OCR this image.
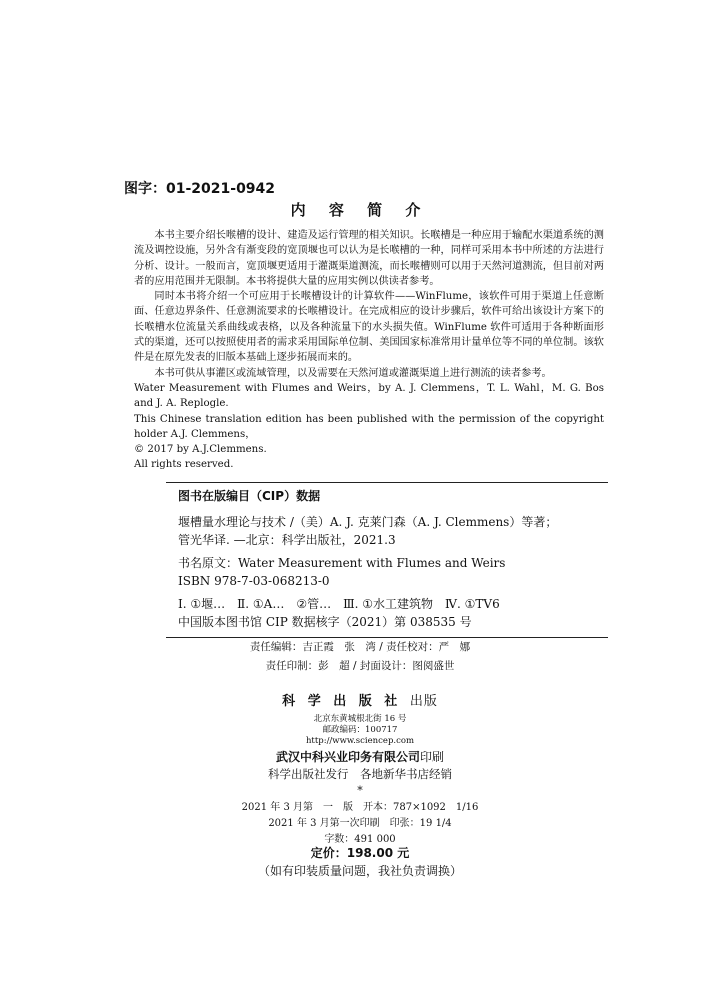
图字：01-2021-0942
内 容 简 介

本书主要介绍长喉槽的设计、建造及运行管理的相关知识。长喉槽是一种应用于输配水渠道系统的测流及调控设施，另外含有渐变段的宽顶堰也可以认为是长喉槽的一种，同样可采用本书中所述的方法进行分析、设计。一般而言，宽顶堰更适用于灌溉渠道测流，而长喉槽则可以用于天然河道测流，但目前对两者的应用范围并无限制。本书将提供大量的应用实例以供读者参考。

同时本书将介绍一个可应用于长喉槽设计的计算软件——WinFlume，该软件可用于渠道上任意断面、任意边界条件、任意测流要求的长喉槽设计。在完成相应的设计步骤后，软件可给出该设计方案下的长喉槽水位流量关系曲线或表格，以及各种流量下的水头损失值。WinFlume 软件可适用于各种断面形式的渠道，还可以按照使用者的需求采用国际单位制、美国国家标准常用计量单位等不同的单位制。该软件是在原先发表的旧版本基础上逐步拓展而来的。

本书可供从事灌区或流域管理，以及需要在天然河道或灌溉渠道上进行测流的读者参考。

Water Measurement with Flumes and Weirs，by A. J. Clemmens，T. L. Wahl，M. G. Bos and J. A. Replogle.
This Chinese translation edition has been published with the permission of the copyright holder A.J. Clemmens，
© 2017 by A.J.Clemmens.
All rights reserved.
图书在版编目（CIP）数据
堰槽量水理论与技术 /（美）A. J. 克莱门森（A. J. Clemmens）等著；
管光华译. —北京：科学出版社，2021.3
书名原文：Water Measurement with Flumes and Weirs
ISBN 978-7-03-068213-0
Ⅰ. ①堰…　Ⅱ. ①A…　②管…　Ⅲ. ①水工建筑物　Ⅳ. ①TV6
中国版本图书馆 CIP 数据核字（2021）第 038535 号
责任编辑：吉正霞　张　湾 / 责任校对：严　娜
责任印制：彭　超 / 封面设计：图阅盛世
科 学 出 版 社 出版
北京东黄城根北街 16 号
邮政编码：100717
http://www.sciencep.com
武汉中科兴业印务有限公司印刷
科学出版社发行　各地新华书店经销
*
2021 年 3 月第　一　版　开本：787×1092　1/16
2021 年 3 月第一次印刷　印张：19 1/4
字数：491 000
定价：198.00 元
（如有印装质量问题，我社负责调换）
